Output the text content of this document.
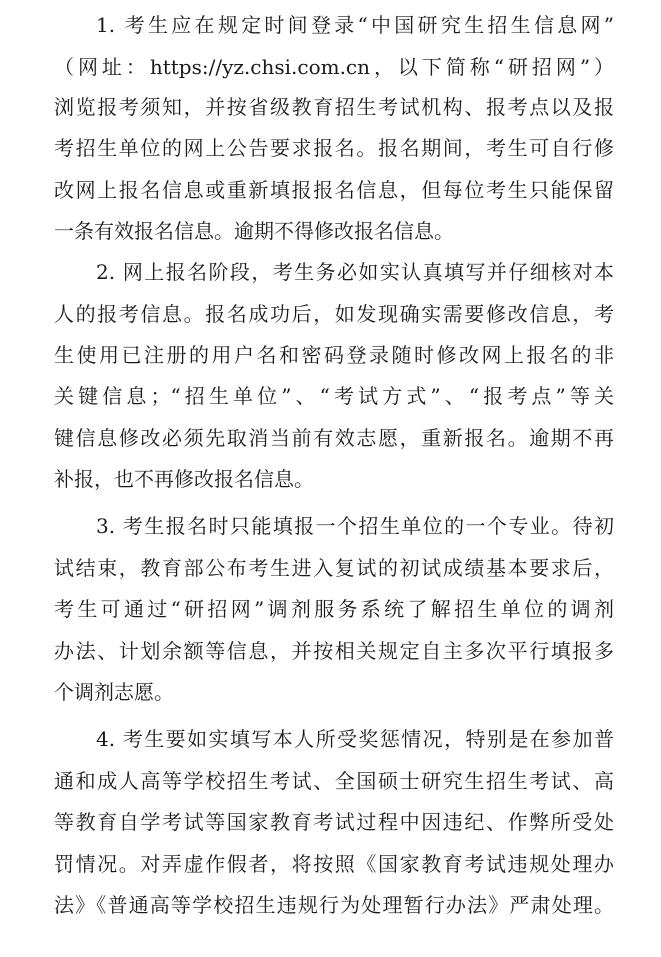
1. 考生应在规定时间登录“中国研究生招生信息网”
（网址：https://yz.chsi.com.cn，以下简称“研招网”）
浏览报考须知，并按省级教育招生考试机构、报考点以及报
考招生单位的网上公告要求报名。报名期间，考生可自行修
改网上报名信息或重新填报报名信息，但每位考生只能保留
一条有效报名信息。逾期不得修改报名信息。
2. 网上报名阶段，考生务必如实认真填写并仔细核对本
人的报考信息。报名成功后，如发现确实需要修改信息，考
生使用已注册的用户名和密码登录随时修改网上报名的非
关键信息；“招生单位”、“考试方式”、“报考点”等关
键信息修改必须先取消当前有效志愿，重新报名。逾期不再
补报，也不再修改报名信息。
3. 考生报名时只能填报一个招生单位的一个专业。待初
试结束，教育部公布考生进入复试的初试成绩基本要求后，
考生可通过“研招网”调剂服务系统了解招生单位的调剂
办法、计划余额等信息，并按相关规定自主多次平行填报多
个调剂志愿。
4. 考生要如实填写本人所受奖惩情况，特别是在参加普
通和成人高等学校招生考试、全国硕士研究生招生考试、高
等教育自学考试等国家教育考试过程中因违纪、作弊所受处
罚情况。对弄虚作假者，将按照《国家教育考试违规处理办
法》《普通高等学校招生违规行为处理暂行办法》严肃处理。
